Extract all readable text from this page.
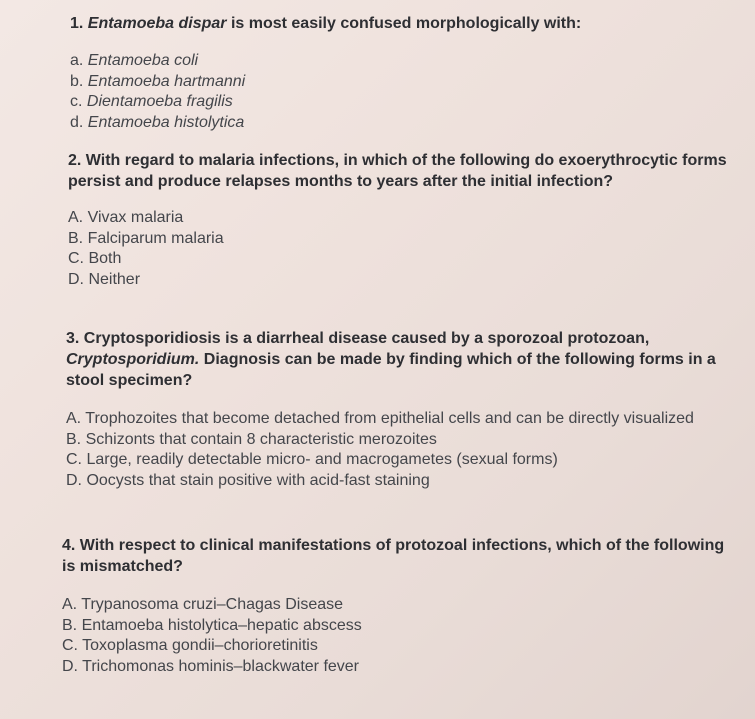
1. Entamoeba dispar is most easily confused morphologically with:
a. Entamoeba coli
b. Entamoeba hartmanni
c. Dientamoeba fragilis
d. Entamoeba histolytica
2. With regard to malaria infections, in which of the following do exoerythrocytic forms persist and produce relapses months to years after the initial infection?
A. Vivax malaria
B. Falciparum malaria
C. Both
D. Neither
3. Cryptosporidiosis is a diarrheal disease caused by a sporozoal protozoan, Cryptosporidium. Diagnosis can be made by finding which of the following forms in a stool specimen?
A. Trophozoites that become detached from epithelial cells and can be directly visualized
B. Schizonts that contain 8 characteristic merozoites
C. Large, readily detectable micro- and macrogametes (sexual forms)
D. Oocysts that stain positive with acid-fast staining
4. With respect to clinical manifestations of protozoal infections, which of the following is mismatched?
A. Trypanosoma cruzi–Chagas Disease
B. Entamoeba histolytica–hepatic abscess
C. Toxoplasma gondii–chorioretinitis
D. Trichomonas hominis–blackwater fever
